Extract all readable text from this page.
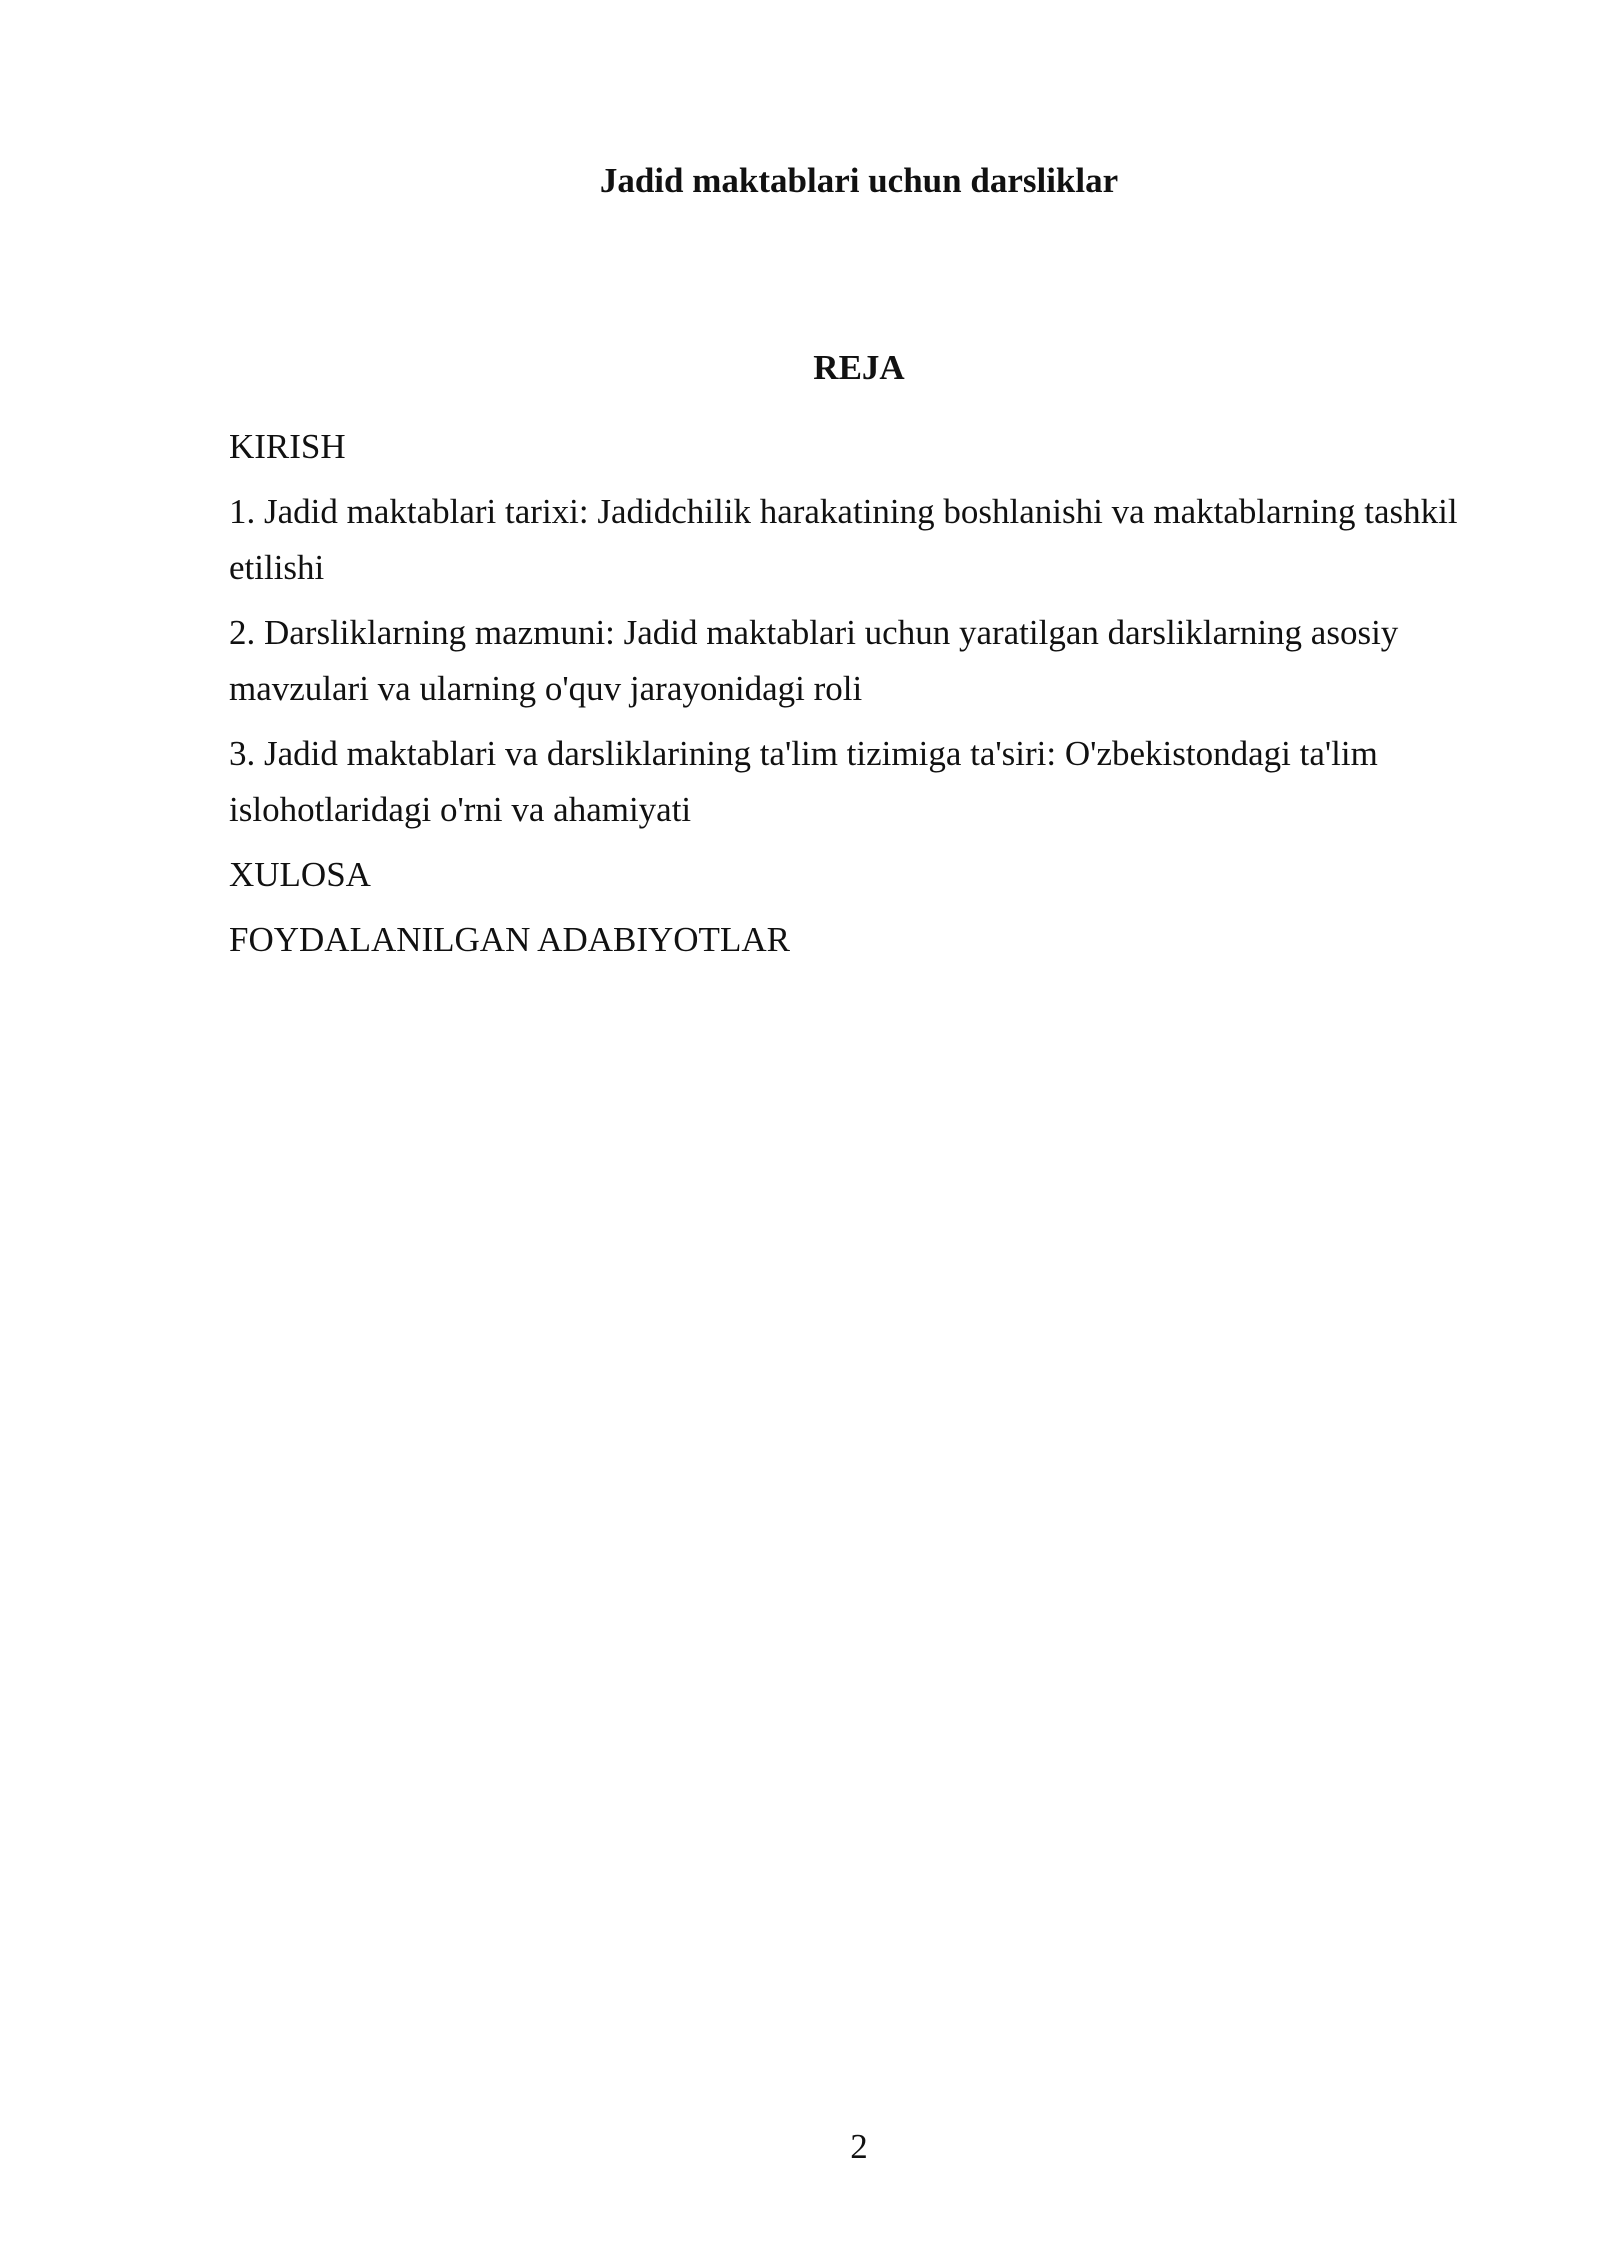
Jadid maktablari uchun darsliklar
REJA
KIRISH
1. Jadid maktablari tarixi: Jadidchilik harakatining boshlanishi va maktablarning tashkil etilishi
2. Darsliklarning mazmuni: Jadid maktablari uchun yaratilgan darsliklarning asosiy mavzulari va ularning o'quv jarayonidagi roli
3. Jadid maktablari va darsliklarining ta'lim tizimiga ta'siri: O'zbekistondagi ta'lim islohotlaridagi o'rni va ahamiyati
XULOSA
FOYDALANILGAN ADABIYOTLAR
2
